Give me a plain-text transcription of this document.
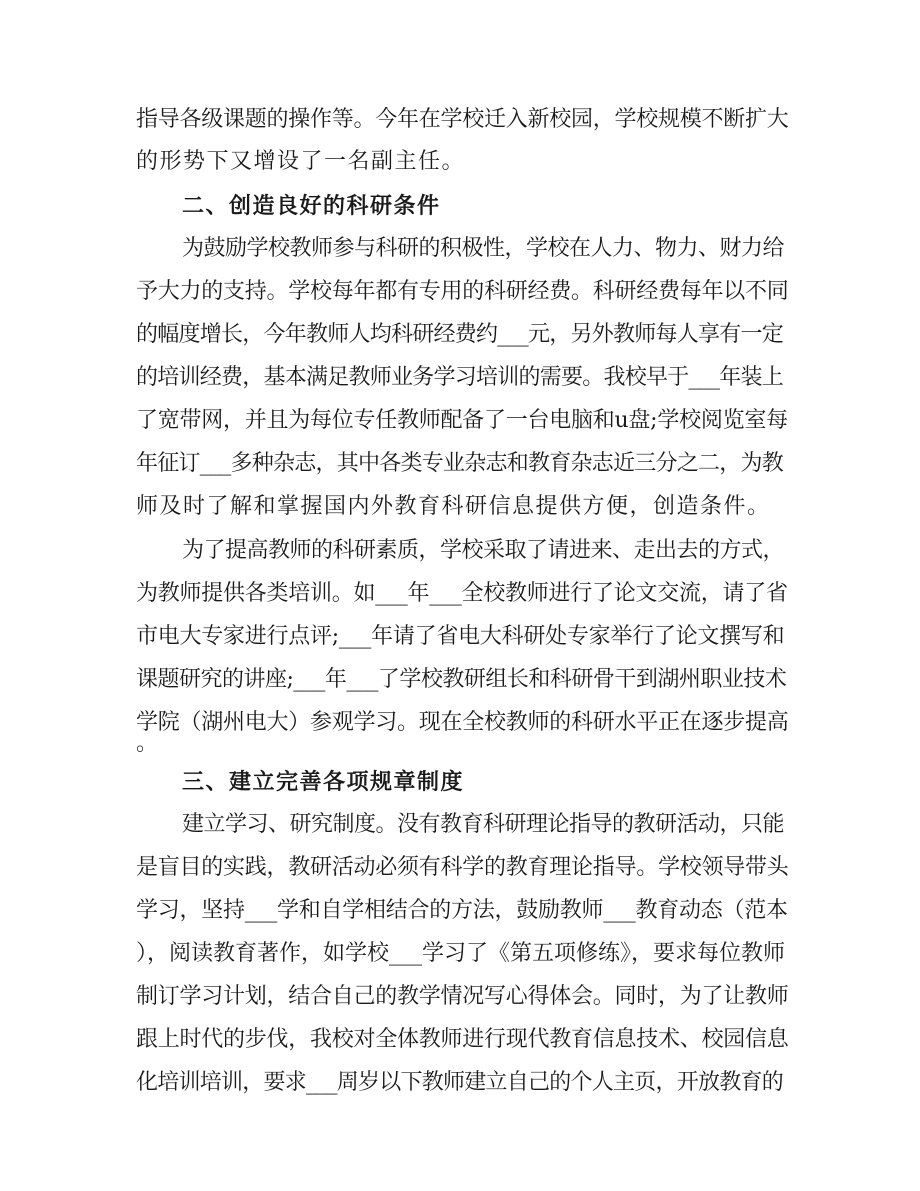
指导各级课题的操作等。今年在学校迁入新校园，学校规模不断扩大
的形势下又增设了一名副主任。
二、创造良好的科研条件
为鼓励学校教师参与科研的积极性，学校在人力、物力、财力给
予大力的支持。学校每年都有专用的科研经费。科研经费每年以不同
的幅度增长，今年教师人均科研经费约___元，另外教师每人享有一定
的培训经费，基本满足教师业务学习培训的需要。我校早于___年装上
了宽带网，并且为每位专任教师配备了一台电脑和u盘;学校阅览室每
年征订___多种杂志，其中各类专业杂志和教育杂志近三分之二，为教
师及时了解和掌握国内外教育科研信息提供方便，创造条件。
为了提高教师的科研素质，学校采取了请进来、走出去的方式，
为教师提供各类培训。如___年___全校教师进行了论文交流，请了省
市电大专家进行点评;___年请了省电大科研处专家举行了论文撰写和
课题研究的讲座;___年___了学校教研组长和科研骨干到湖州职业技术
学院（湖州电大）参观学习。现在全校教师的科研水平正在逐步提高
。
三、建立完善各项规章制度
建立学习、研究制度。没有教育科研理论指导的教研活动，只能
是盲目的实践，教研活动必须有科学的教育理论指导。学校领导带头
学习，坚持___学和自学相结合的方法，鼓励教师___教育动态（范本
），阅读教育著作，如学校___学习了《第五项修练》，要求每位教师
制订学习计划，结合自己的教学情况写心得体会。同时，为了让教师
跟上时代的步伐，我校对全体教师进行现代教育信息技术、校园信息
化培训培训，要求___周岁以下教师建立自己的个人主页，开放教育的
